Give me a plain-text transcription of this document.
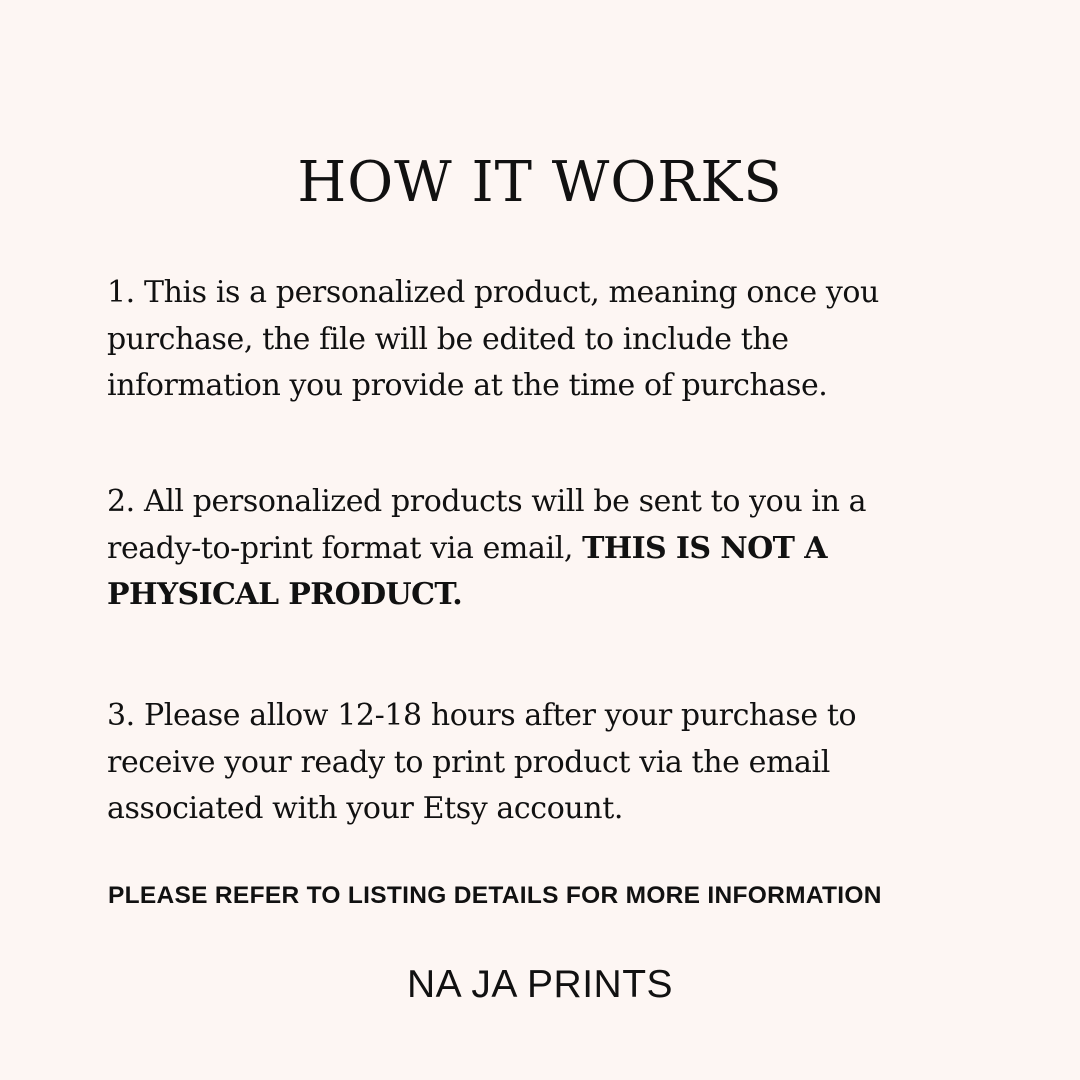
HOW IT WORKS

1. This is a personalized product, meaning once you
purchase, the file will be edited to include the
information you provide at the time of purchase.

2. All personalized products will be sent to you in a
ready-to-print format via email, THIS IS NOT A
PHYSICAL PRODUCT.

3. Please allow 12-18 hours after your purchase to
receive your ready to print product via the email
associated with your Etsy account.

PLEASE REFER TO LISTING DETAILS FOR MORE INFORMATION

NA JA PRINTS
